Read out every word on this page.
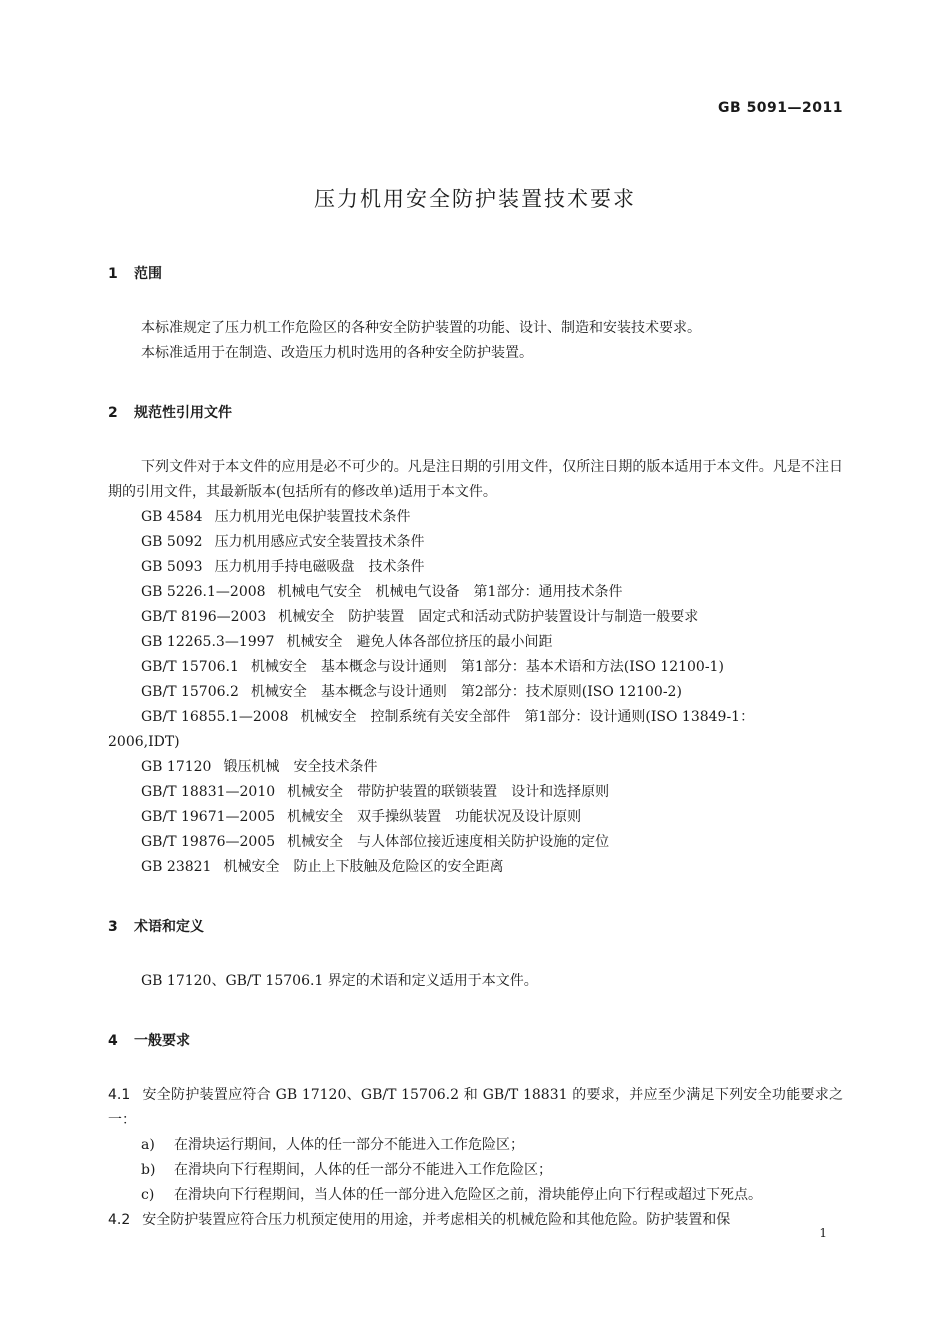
GB 5091—2011
压力机用安全防护装置技术要求
1 范围
本标准规定了压力机工作危险区的各种安全防护装置的功能、设计、制造和安装技术要求。
本标准适用于在制造、改造压力机时选用的各种安全防护装置。
2 规范性引用文件
下列文件对于本文件的应用是必不可少的。凡是注日期的引用文件，仅所注日期的版本适用于本文件。凡是不注日期的引用文件，其最新版本(包括所有的修改单)适用于本文件。
GB 4584 压力机用光电保护装置技术条件
GB 5092 压力机用感应式安全装置技术条件
GB 5093 压力机用手持电磁吸盘　技术条件
GB 5226.1—2008 机械电气安全　机械电气设备　第1部分：通用技术条件
GB/T 8196—2003 机械安全　防护装置　固定式和活动式防护装置设计与制造一般要求
GB 12265.3—1997 机械安全　避免人体各部位挤压的最小间距
GB/T 15706.1 机械安全　基本概念与设计通则　第1部分：基本术语和方法(ISO 12100-1)
GB/T 15706.2 机械安全　基本概念与设计通则　第2部分：技术原则(ISO 12100-2)
GB/T 16855.1—2008 机械安全　控制系统有关安全部件　第1部分：设计通则(ISO 13849-1：
2006,IDT)
GB 17120 锻压机械　安全技术条件
GB/T 18831—2010 机械安全　带防护装置的联锁装置　设计和选择原则
GB/T 19671—2005 机械安全　双手操纵装置　功能状况及设计原则
GB/T 19876—2005 机械安全　与人体部位接近速度相关防护设施的定位
GB 23821 机械安全　防止上下肢触及危险区的安全距离
3 术语和定义
GB 17120、GB/T 15706.1 界定的术语和定义适用于本文件。
4 一般要求
4.1 安全防护装置应符合 GB 17120、GB/T 15706.2 和 GB/T 18831 的要求，并应至少满足下列安全功能要求之一：
a) 在滑块运行期间，人体的任一部分不能进入工作危险区；
b) 在滑块向下行程期间，人体的任一部分不能进入工作危险区；
c) 在滑块向下行程期间，当人体的任一部分进入危险区之前，滑块能停止向下行程或超过下死点。
4.2 安全防护装置应符合压力机预定使用的用途，并考虑相关的机械危险和其他危险。防护装置和保
1
